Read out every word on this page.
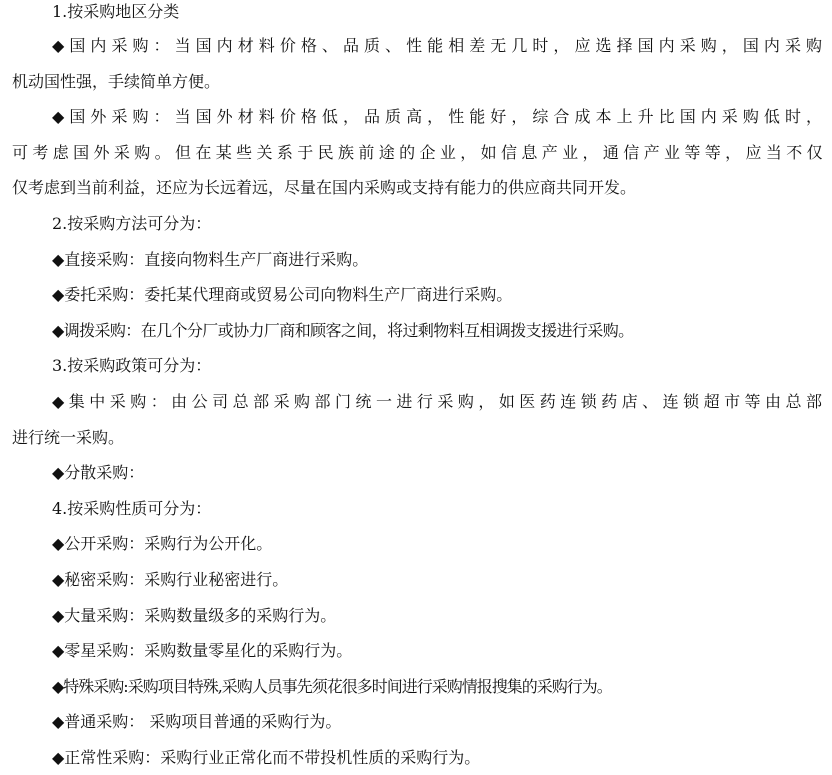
1.按采购地区分类
◆国内采购：当国内材料价格、品质、性能相差无几时，应选择国内采购，国内采购
机动国性强，手续简单方便。
◆国外采购：当国外材料价格低，品质高，性能好，综合成本上升比国内采购低时，
可考虑国外采购。但在某些关系于民族前途的企业，如信息产业，通信产业等等，应当不仅
仅考虑到当前利益，还应为长远着远，尽量在国内采购或支持有能力的供应商共同开发。
2.按采购方法可分为：
◆直接采购：直接向物料生产厂商进行采购。
◆委托采购：委托某代理商或贸易公司向物料生产厂商进行采购。
◆调拨采购：在几个分厂或协力厂商和顾客之间，将过剩物料互相调拨支援进行采购。
3.按采购政策可分为：
◆集中采购：由公司总部采购部门统一进行采购，如医药连锁药店、连锁超市等由总部
进行统一采购。
◆分散采购：
4.按采购性质可分为：
◆公开采购：采购行为公开化。
◆秘密采购：采购行业秘密进行。
◆大量采购：采购数量级多的采购行为。
◆零星采购：采购数量零星化的采购行为。
◆特殊采购:采购项目特殊,采购人员事先须花很多时间进行采购情报搜集的采购行为。
◆普通采购： 采购项目普通的采购行为。
◆正常性采购：采购行业正常化而不带投机性质的采购行为。
